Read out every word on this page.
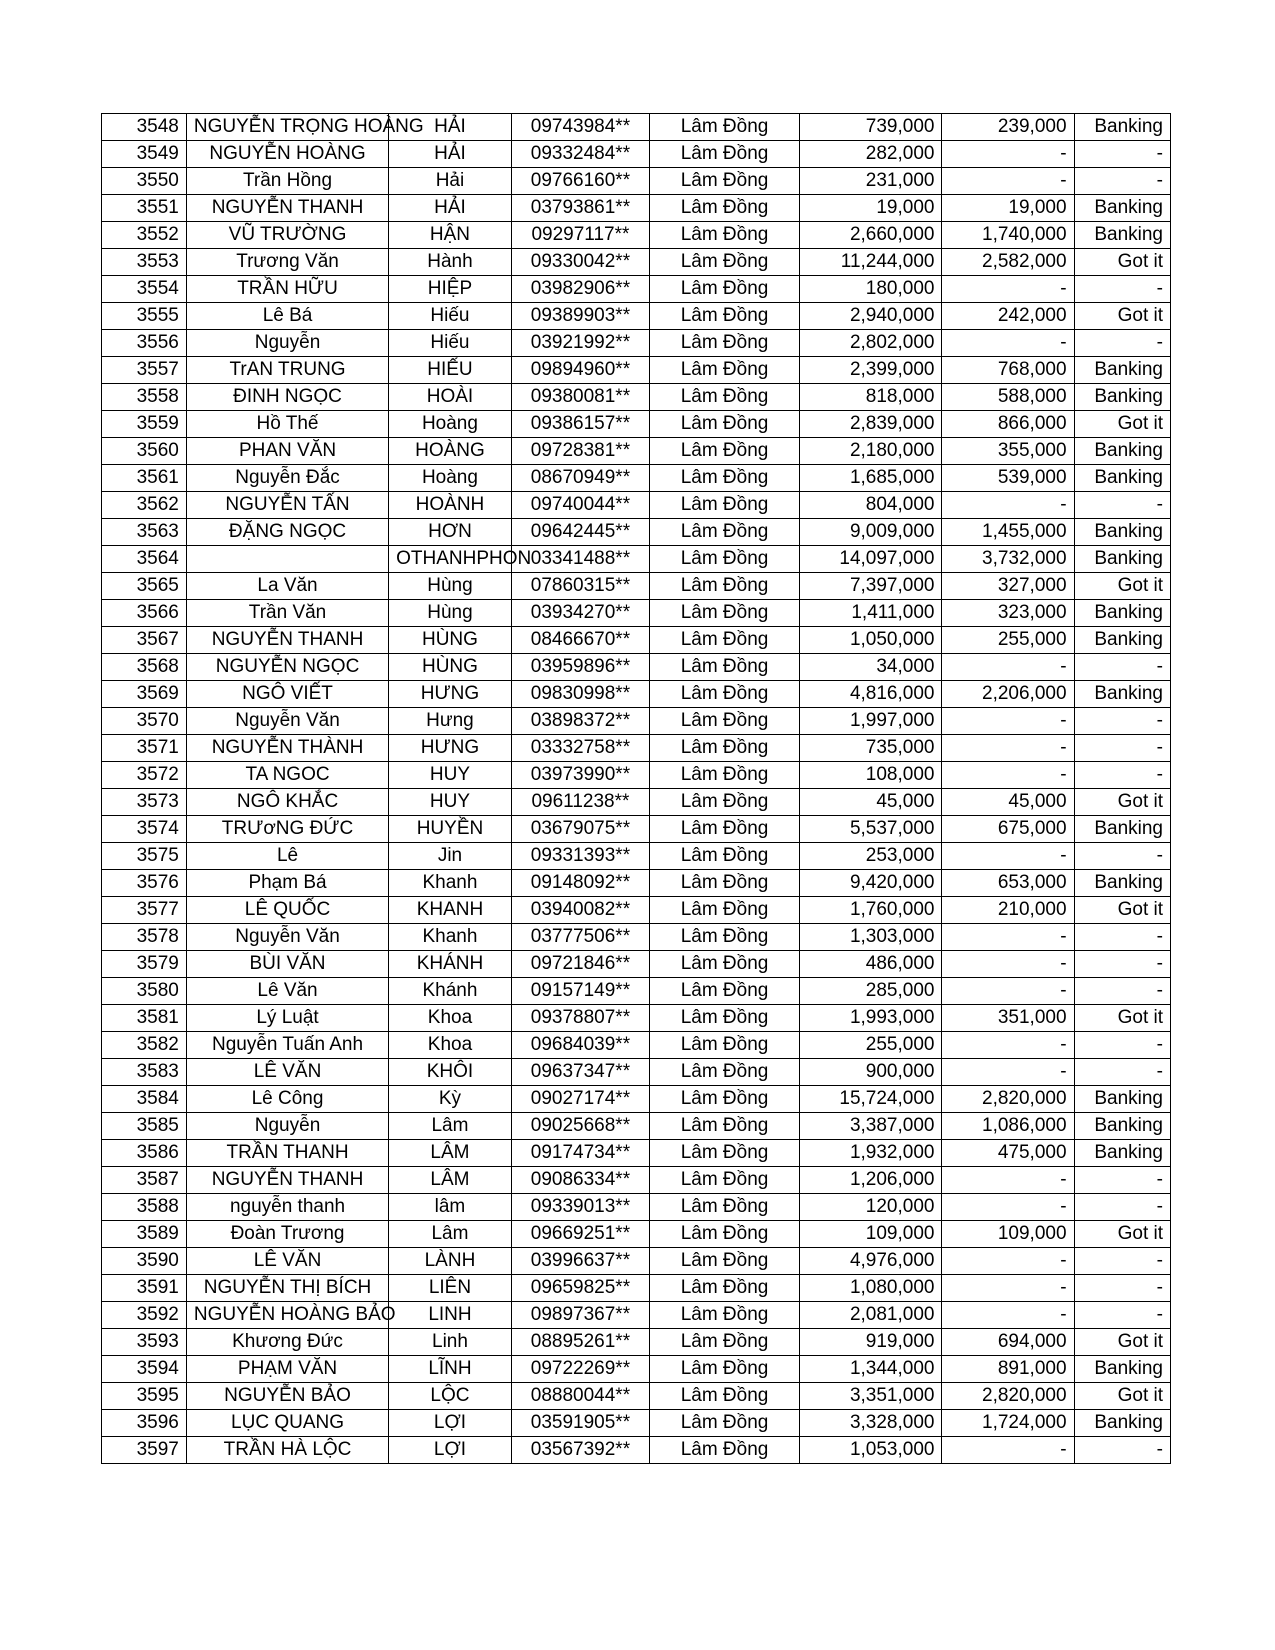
3548	NGUYỄN TRỌNG HOÀNG	HẢI	09743984**	Lâm Đồng	739,000	239,000	Banking
3549	NGUYỄN HOÀNG	HẢI	09332484**	Lâm Đồng	282,000	-	-
3550	Trần Hồng	Hải	09766160**	Lâm Đồng	231,000	-	-
3551	NGUYỄN THANH	HẢI	03793861**	Lâm Đồng	19,000	19,000	Banking
3552	VŨ TRƯỜNG	HẬN	09297117**	Lâm Đồng	2,660,000	1,740,000	Banking
3553	Trương Văn	Hành	09330042**	Lâm Đồng	11,244,000	2,582,000	Got it
3554	TRẦN HỮU	HIỆP	03982906**	Lâm Đồng	180,000	-	-
3555	Lê Bá	Hiếu	09389903**	Lâm Đồng	2,940,000	242,000	Got it
3556	Nguyễn	Hiếu	03921992**	Lâm Đồng	2,802,000	-	-
3557	TrAN TRUNG	HIẾU	09894960**	Lâm Đồng	2,399,000	768,000	Banking
3558	ĐINH NGỌC	HOÀI	09380081**	Lâm Đồng	818,000	588,000	Banking
3559	Hồ Thế	Hoàng	09386157**	Lâm Đồng	2,839,000	866,000	Got it
3560	PHAN VĂN	HOÀNG	09728381**	Lâm Đồng	2,180,000	355,000	Banking
3561	Nguyễn Đắc	Hoàng	08670949**	Lâm Đồng	1,685,000	539,000	Banking
3562	NGUYỄN TẤN	HOÀNH	09740044**	Lâm Đồng	804,000	-	-
3563	ĐẶNG NGỌC	HƠN	09642445**	Lâm Đồng	9,009,000	1,455,000	Banking
3564		OTHANHPHON	03341488**	Lâm Đồng	14,097,000	3,732,000	Banking
3565	La Văn	Hùng	07860315**	Lâm Đồng	7,397,000	327,000	Got it
3566	Trần Văn	Hùng	03934270**	Lâm Đồng	1,411,000	323,000	Banking
3567	NGUYỄN THANH	HÙNG	08466670**	Lâm Đồng	1,050,000	255,000	Banking
3568	NGUYỄN NGỌC	HÙNG	03959896**	Lâm Đồng	34,000	-	-
3569	NGÔ VIẾT	HƯNG	09830998**	Lâm Đồng	4,816,000	2,206,000	Banking
3570	Nguyễn Văn	Hưng	03898372**	Lâm Đồng	1,997,000	-	-
3571	NGUYỄN THÀNH	HƯNG	03332758**	Lâm Đồng	735,000	-	-
3572	TA NGOC	HUY	03973990**	Lâm Đồng	108,000	-	-
3573	NGÔ KHẮC	HUY	09611238**	Lâm Đồng	45,000	45,000	Got it
3574	TRƯơNG ĐỨC	HUYỀN	03679075**	Lâm Đồng	5,537,000	675,000	Banking
3575	Lê	Jin	09331393**	Lâm Đồng	253,000	-	-
3576	Phạm Bá	Khanh	09148092**	Lâm Đồng	9,420,000	653,000	Banking
3577	LÊ QUỐC	KHANH	03940082**	Lâm Đồng	1,760,000	210,000	Got it
3578	Nguyễn Văn	Khanh	03777506**	Lâm Đồng	1,303,000	-	-
3579	BÙI VĂN	KHÁNH	09721846**	Lâm Đồng	486,000	-	-
3580	Lê Văn	Khánh	09157149**	Lâm Đồng	285,000	-	-
3581	Lý Luật	Khoa	09378807**	Lâm Đồng	1,993,000	351,000	Got it
3582	Nguyễn Tuấn Anh	Khoa	09684039**	Lâm Đồng	255,000	-	-
3583	LÊ VĂN	KHÔI	09637347**	Lâm Đồng	900,000	-	-
3584	Lê Công	Kỳ	09027174**	Lâm Đồng	15,724,000	2,820,000	Banking
3585	Nguyễn	Lâm	09025668**	Lâm Đồng	3,387,000	1,086,000	Banking
3586	TRẦN THANH	LÂM	09174734**	Lâm Đồng	1,932,000	475,000	Banking
3587	NGUYỄN THANH	LÂM	09086334**	Lâm Đồng	1,206,000	-	-
3588	nguyễn thanh	lâm	09339013**	Lâm Đồng	120,000	-	-
3589	Đoàn Trương	Lâm	09669251**	Lâm Đồng	109,000	109,000	Got it
3590	LÊ VĂN	LÀNH	03996637**	Lâm Đồng	4,976,000	-	-
3591	NGUYỄN THỊ BÍCH	LIÊN	09659825**	Lâm Đồng	1,080,000	-	-
3592	NGUYỄN HOÀNG BẢO	LINH	09897367**	Lâm Đồng	2,081,000	-	-
3593	Khương Đức	Linh	08895261**	Lâm Đồng	919,000	694,000	Got it
3594	PHẠM VĂN	LĨNH	09722269**	Lâm Đồng	1,344,000	891,000	Banking
3595	NGUYỄN BẢO	LỘC	08880044**	Lâm Đồng	3,351,000	2,820,000	Got it
3596	LỤC QUANG	LỢI	03591905**	Lâm Đồng	3,328,000	1,724,000	Banking
3597	TRẦN HÀ LỘC	LỢI	03567392**	Lâm Đồng	1,053,000	-	-
